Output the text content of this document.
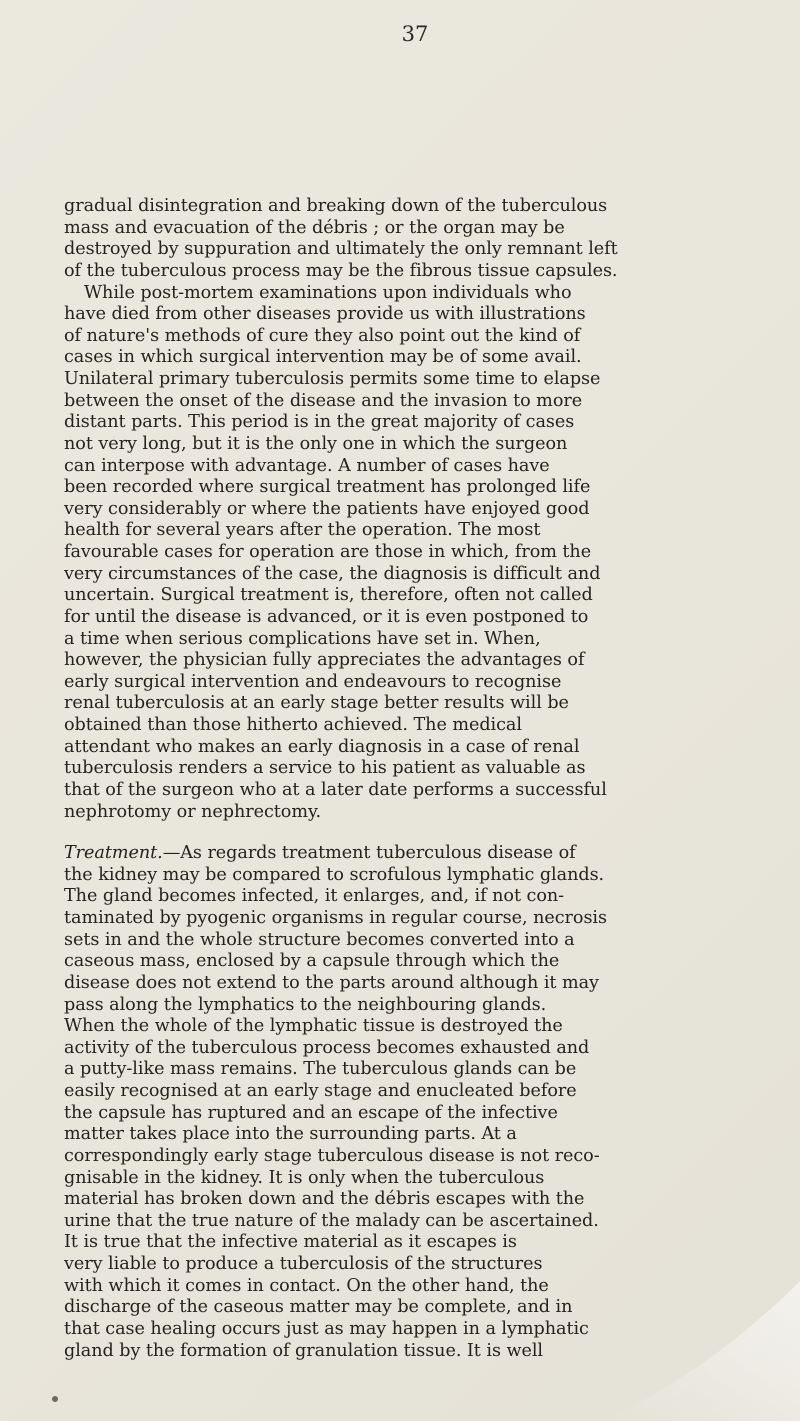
37
gradual disintegration and breaking down of the tuberculous
mass and evacuation of the débris ; or the organ may be
destroyed by suppuration and ultimately the only remnant left
of the tuberculous process may be the fibrous tissue capsules.
While post-mortem examinations upon individuals who
have died from other diseases provide us with illustrations
of nature's methods of cure they also point out the kind of
cases in which surgical intervention may be of some avail.
Unilateral primary tuberculosis permits some time to elapse
between the onset of the disease and the invasion to more
distant parts. This period is in the great majority of cases
not very long, but it is the only one in which the surgeon
can interpose with advantage. A number of cases have
been recorded where surgical treatment has prolonged life
very considerably or where the patients have enjoyed good
health for several years after the operation. The most
favourable cases for operation are those in which, from the
very circumstances of the case, the diagnosis is difficult and
uncertain. Surgical treatment is, therefore, often not called
for until the disease is advanced, or it is even postponed to
a time when serious complications have set in. When,
however, the physician fully appreciates the advantages of
early surgical intervention and endeavours to recognise
renal tuberculosis at an early stage better results will be
obtained than those hitherto achieved. The medical
attendant who makes an early diagnosis in a case of renal
tuberculosis renders a service to his patient as valuable as
that of the surgeon who at a later date performs a successful
nephrotomy or nephrectomy.
Treatment.—As regards treatment tuberculous disease of
the kidney may be compared to scrofulous lymphatic glands.
The gland becomes infected, it enlarges, and, if not con-
taminated by pyogenic organisms in regular course, necrosis
sets in and the whole structure becomes converted into a
caseous mass, enclosed by a capsule through which the
disease does not extend to the parts around although it may
pass along the lymphatics to the neighbouring glands.
When the whole of the lymphatic tissue is destroyed the
activity of the tuberculous process becomes exhausted and
a putty-like mass remains. The tuberculous glands can be
easily recognised at an early stage and enucleated before
the capsule has ruptured and an escape of the infective
matter takes place into the surrounding parts. At a
correspondingly early stage tuberculous disease is not reco-
gnisable in the kidney. It is only when the tuberculous
material has broken down and the débris escapes with the
urine that the true nature of the malady can be ascertained.
It is true that the infective material as it escapes is
very liable to produce a tuberculosis of the structures
with which it comes in contact. On the other hand, the
discharge of the caseous matter may be complete, and in
that case healing occurs just as may happen in a lymphatic
gland by the formation of granulation tissue. It is well
